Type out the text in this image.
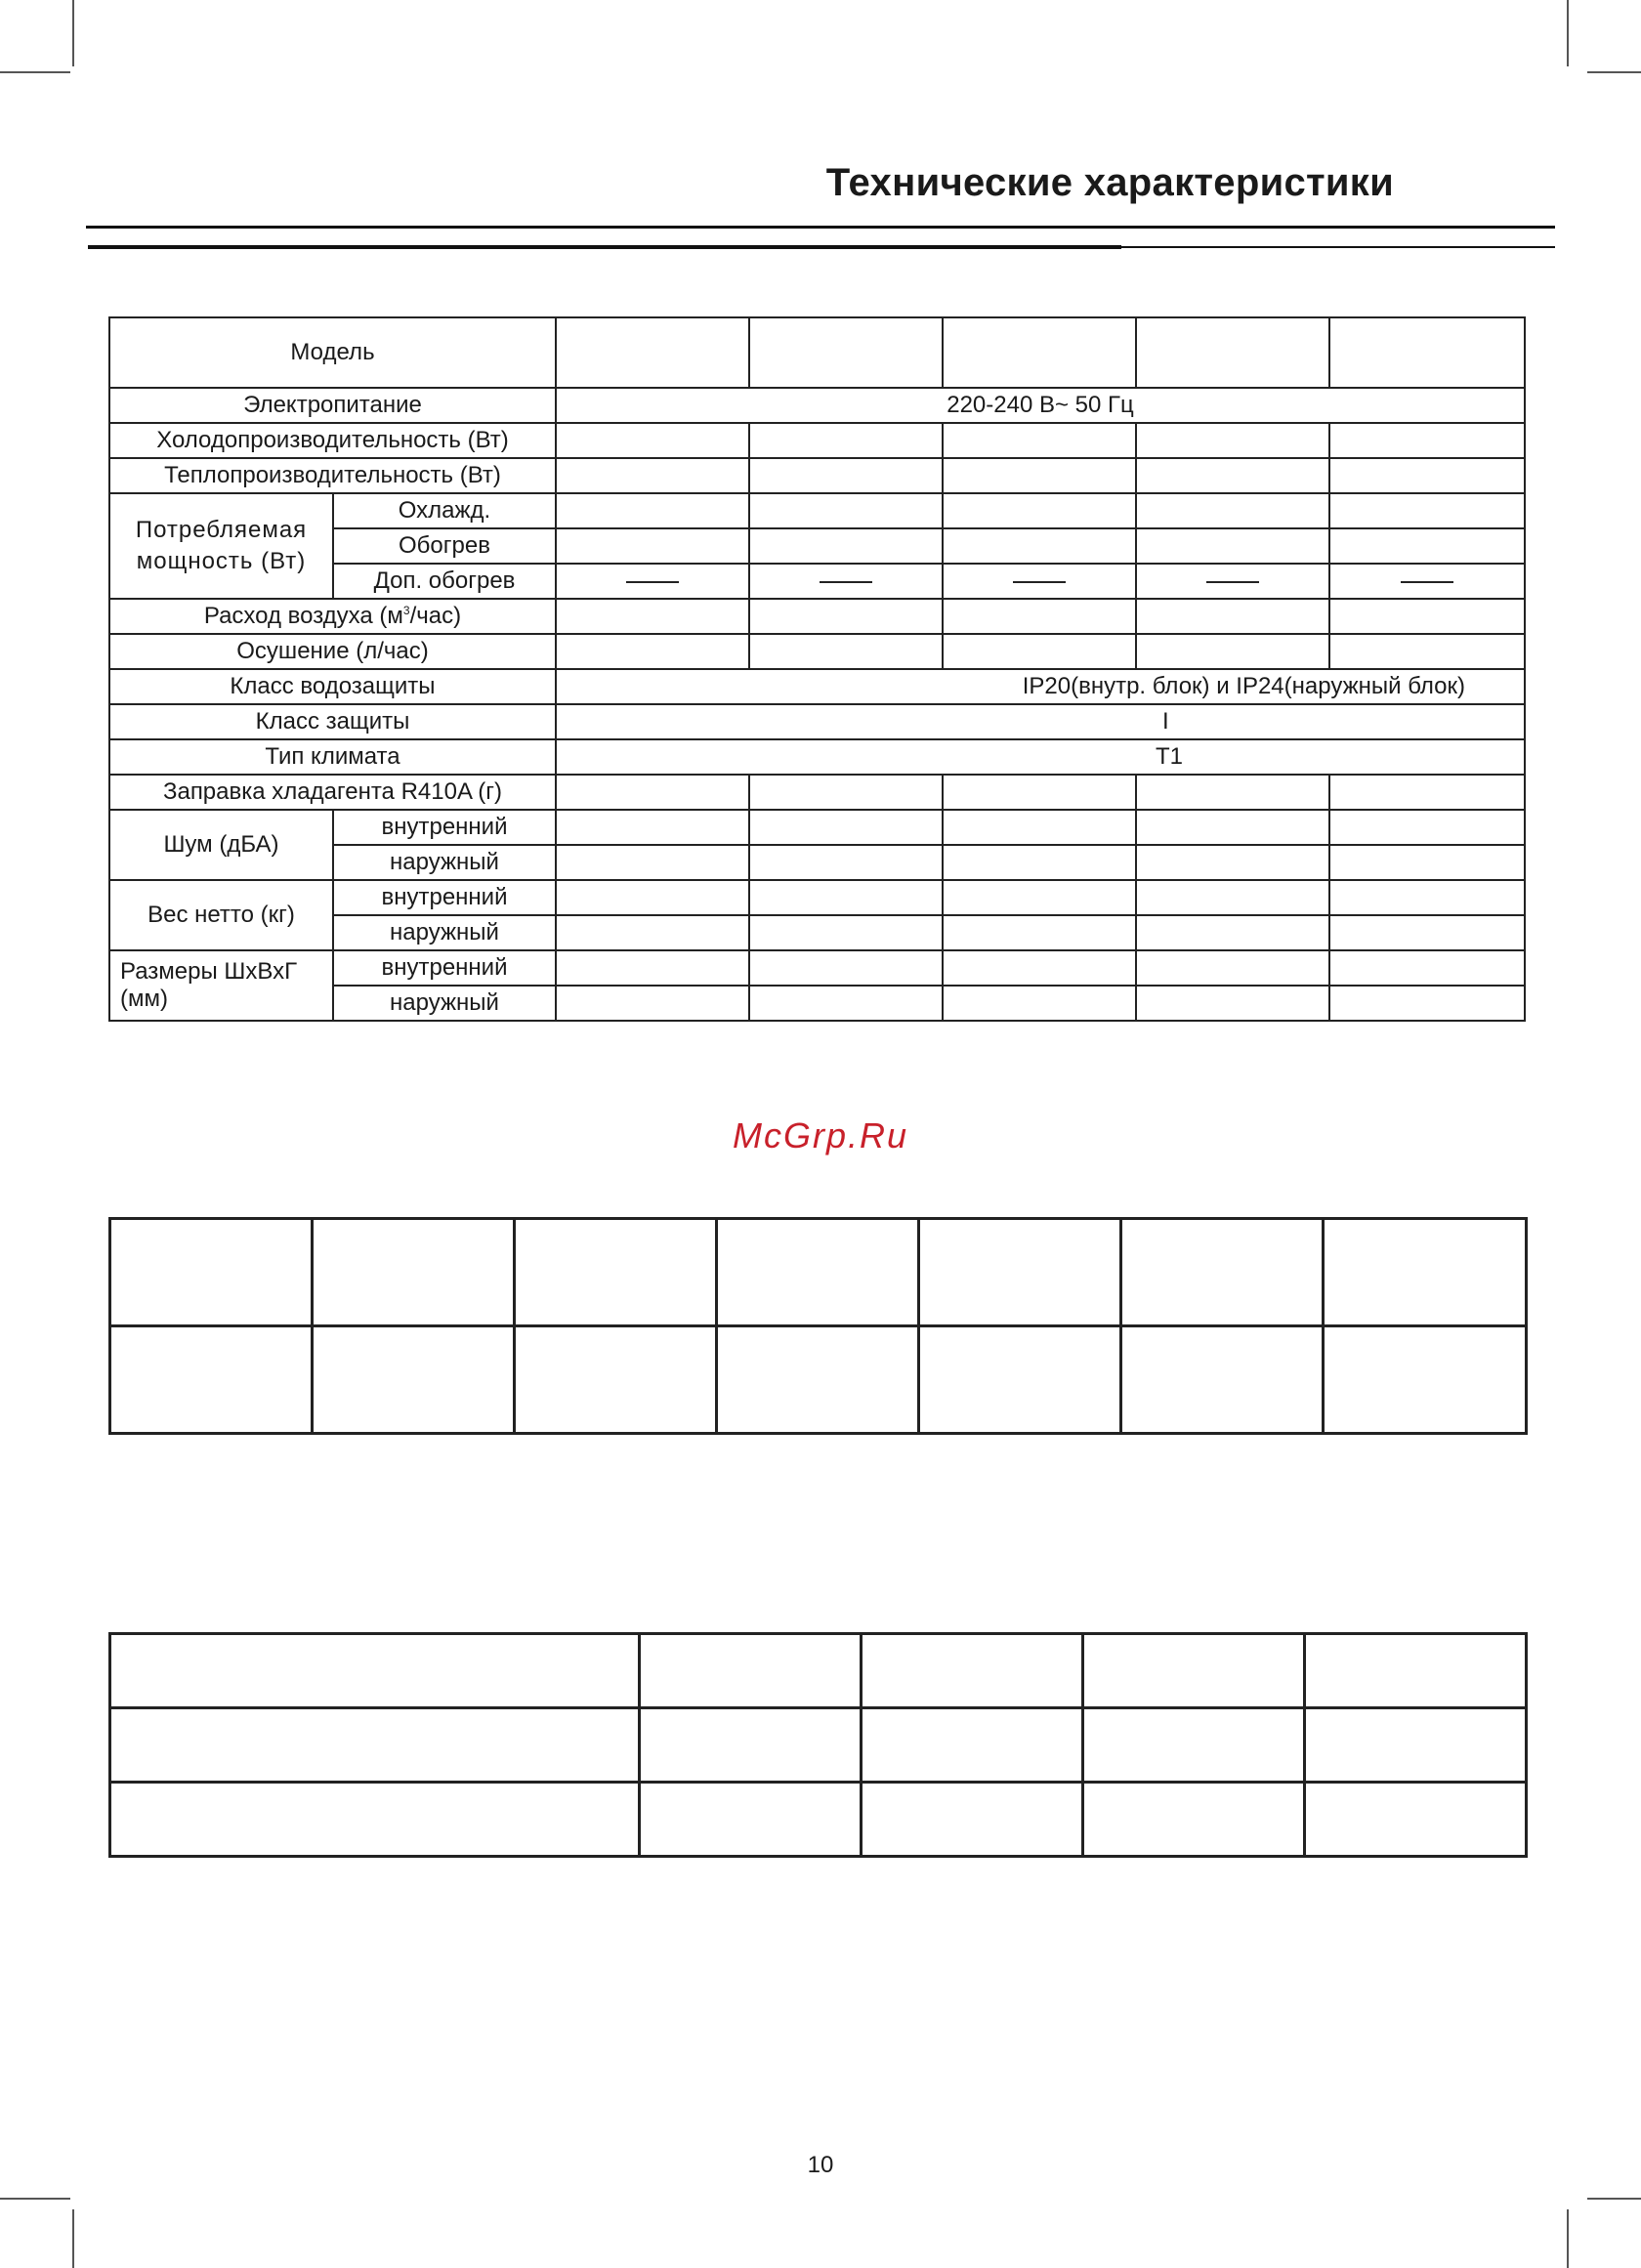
Технические характеристики
Модель						
Электропитание		220-240 В~ 50 Гц				
Холодопроизводительность (Вт)						
Теплопроизводительность (Вт)						
Потребляемая мощность (Вт)	Охлажд.					
	Обогрев					
	Доп. обогрев					
Расход воздуха $(м^3/час)$						
Осушение (л/час)						
Класс водозащиты		IP20(внутр. блок) и IP24(наружный блок)				
Класс защиты		I				
Тип климата		T1				
Заправка хладагента R410A (г)						
Шум (дБА)	внутренний					
	наружный					
Вес нетто (кг)	внутренний					
	наружный					
Размеры ШхВхГ (мм)	внутренний					
	наружный					
McGrp.Ru

10
